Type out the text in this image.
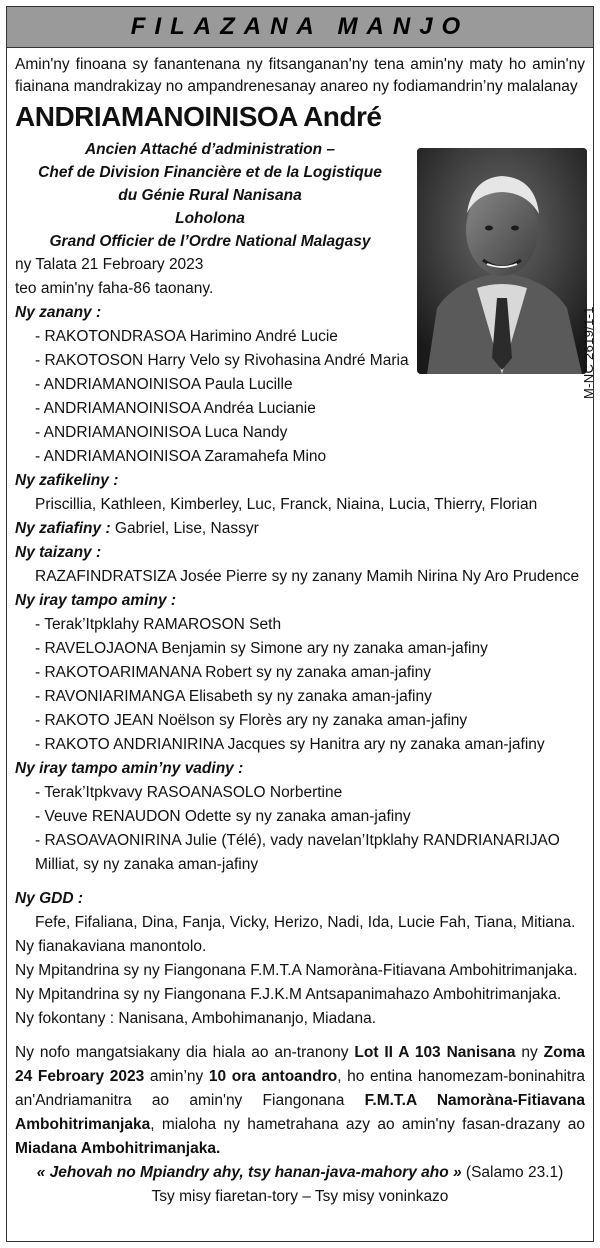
FILAZANA MANJO

Amin'ny finoana sy fanantenana ny fitsanganan'ny tena amin'ny maty ho amin'ny fiainana mandrakizay no ampandrenesanay anareo ny fodiamandrin’ny malalanay

ANDRIAMANOINISOA André
Ancien Attaché d’administration –
Chef de Division Financière et de la Logistique
du Génie Rural Nanisana
Loholona
Grand Officier de l’Ordre National Malagasy

ny Talata 21 Febroary 2023

teo amin'ny faha-86 taonany.

Ny zanany :

- RAKOTONDRASOA Harimino André Lucie

- RAKOTOSON Harry Velo sy Rivohasina André Maria

- ANDRIAMANOINISOA Paula Lucille

- ANDRIAMANOINISOA Andréa Lucianie

- ANDRIAMANOINISOA Luca Nandy

- ANDRIAMANOINISOA Zaramahefa Mino

Ny zafikeliny :

Priscillia, Kathleen, Kimberley, Luc, Franck, Niaina, Lucia, Thierry, Florian

Ny zafiafiny : Gabriel, Lise, Nassyr

Ny taizany :

RAZAFINDRATSIZA Josée Pierre sy ny zanany Mamih Nirina Ny Aro Prudence

Ny iray tampo aminy :

- Terak’Itpklahy RAMAROSON Seth

- RAVELOJAONA Benjamin sy Simone ary ny zanaka aman-jafiny

- RAKOTOARIMANANA Robert sy ny zanaka aman-jafiny

- RAVONIARIMANGA Elisabeth sy ny zanaka aman-jafiny

- RAKOTO JEAN Noëlson sy Florès ary ny zanaka aman-jafiny

- RAKOTO ANDRIANIRINA Jacques sy Hanitra ary ny zanaka aman-jafiny

Ny iray tampo amin’ny vadiny :

- Terak’Itpkvavy RASOANASOLO Norbertine

- Veuve RENAUDON Odette sy ny zanaka aman-jafiny

- RASOAVAONIRINA Julie (Télé), vady navelan’Itpklahy RANDRIANARIJAO Milliat, sy ny zanaka aman-jafiny

Ny GDD :

Fefe, Fifaliana, Dina, Fanja, Vicky, Herizo, Nadi, Ida, Lucie Fah, Tiana, Mitiana.

Ny fianakaviana manontolo.

Ny Mpitandrina sy ny Fiangonana F.M.T.A Namoràna-Fitiavana Ambohitrimanjaka.

Ny Mpitandrina sy ny Fiangonana F.J.K.M Antsapanimahazo Ambohitrimanjaka.

Ny fokontany : Nanisana, Ambohimananjo, Miadana.

Ny nofo mangatsiakany dia hiala ao an-tranony Lot II A 103 Nanisana ny Zoma 24 Febroary 2023 amin’ny 10 ora antoandro, ho entina hanomezam-boninahitra an'Andriamanitra ao amin'ny Fiangonana F.M.T.A Namoràna-Fitiavana Ambohitrimanjaka, mialoha ny hametrahana azy ao amin'ny fasan-drazany ao Miadana Ambohitrimanjaka.

« Jehovah no Mpiandry ahy, tsy hanan-java-mahory aho » (Salamo 23.1)

Tsy misy fiaretan-tory – Tsy misy voninkazo

M-NC 2619/1-1
